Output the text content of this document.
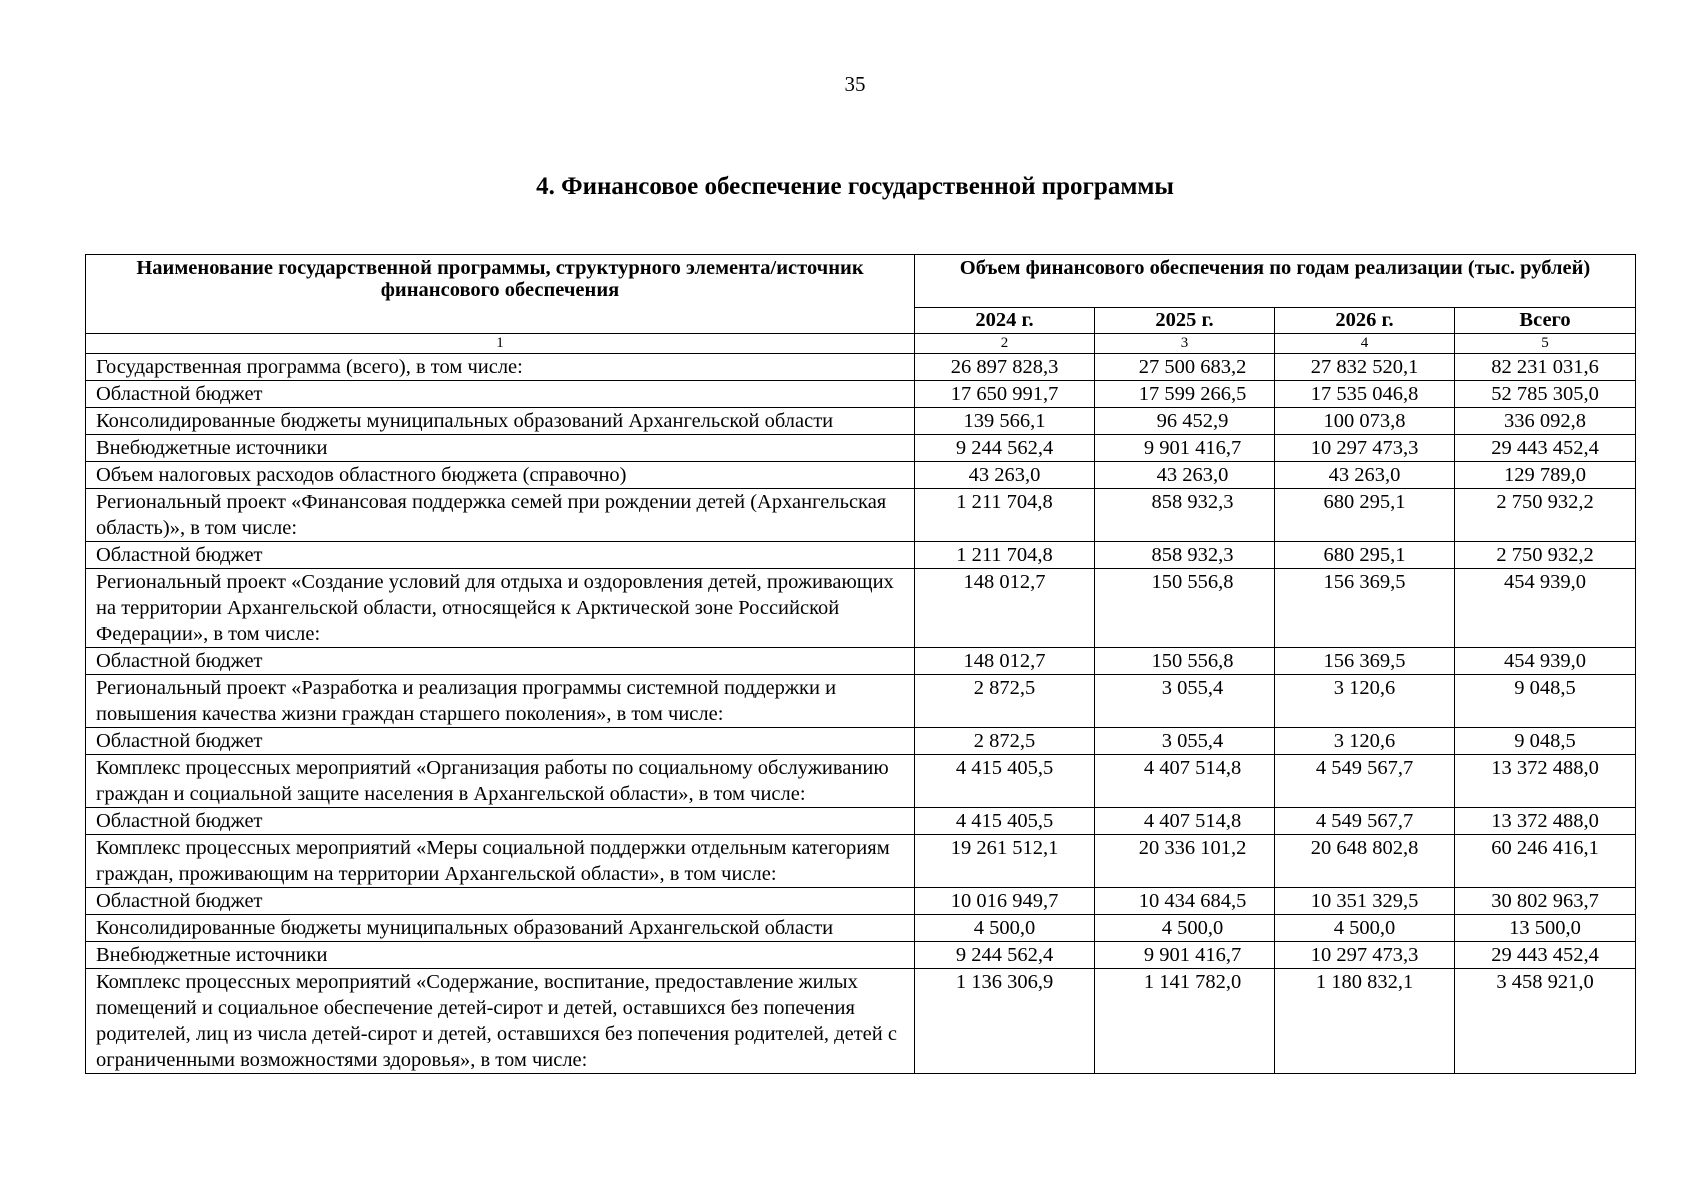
35
4. Финансовое обеспечение государственной программы
Наименование государственной программы, структурного элемента/источник финансового обеспечения	Объем финансового обеспечения по годам реализации (тыс. рублей)			
	2024 г.	2025 г.	2026 г.	Всего
1	2	3	4	5
Государственная программа (всего), в том числе:	26 897 828,3	27 500 683,2	27 832 520,1	82 231 031,6
Областной бюджет	17 650 991,7	17 599 266,5	17 535 046,8	52 785 305,0
Консолидированные бюджеты муниципальных образований Архангельской области	139 566,1	96 452,9	100 073,8	336 092,8
Внебюджетные источники	9 244 562,4	9 901 416,7	10 297 473,3	29 443 452,4
Объем налоговых расходов областного бюджета (справочно)	43 263,0	43 263,0	43 263,0	129 789,0
Региональный проект «Финансовая поддержка семей при рождении детей (Архангельская область)», в том числе:	1 211 704,8	858 932,3	680 295,1	2 750 932,2
Областной бюджет	1 211 704,8	858 932,3	680 295,1	2 750 932,2
Региональный проект «Создание условий для отдыха и оздоровления детей, проживающих на территории Архангельской области, относящейся к Арктической зоне Российской Федерации», в том числе:	148 012,7	150 556,8	156 369,5	454 939,0
Областной бюджет	148 012,7	150 556,8	156 369,5	454 939,0
Региональный проект «Разработка и реализация программы системной поддержки и повышения качества жизни граждан старшего поколения», в том числе:	2 872,5	3 055,4	3 120,6	9 048,5
Областной бюджет	2 872,5	3 055,4	3 120,6	9 048,5
Комплекс процессных мероприятий «Организация работы по социальному обслуживанию граждан и социальной защите населения в Архангельской области», в том числе:	4 415 405,5	4 407 514,8	4 549 567,7	13 372 488,0
Областной бюджет	4 415 405,5	4 407 514,8	4 549 567,7	13 372 488,0
Комплекс процессных мероприятий «Меры социальной поддержки отдельным категориям граждан, проживающим на территории Архангельской области», в том числе:	19 261 512,1	20 336 101,2	20 648 802,8	60 246 416,1
Областной бюджет	10 016 949,7	10 434 684,5	10 351 329,5	30 802 963,7
Консолидированные бюджеты муниципальных образований Архангельской области	4 500,0	4 500,0	4 500,0	13 500,0
Внебюджетные источники	9 244 562,4	9 901 416,7	10 297 473,3	29 443 452,4
Комплекс процессных мероприятий «Содержание, воспитание, предоставление жилых помещений и социальное обеспечение детей-сирот и детей, оставшихся без попечения родителей, лиц из числа детей-сирот и детей, оставшихся без попечения родителей, детей с ограниченными возможностями здоровья», в том числе:	1 136 306,9	1 141 782,0	1 180 832,1	3 458 921,0
